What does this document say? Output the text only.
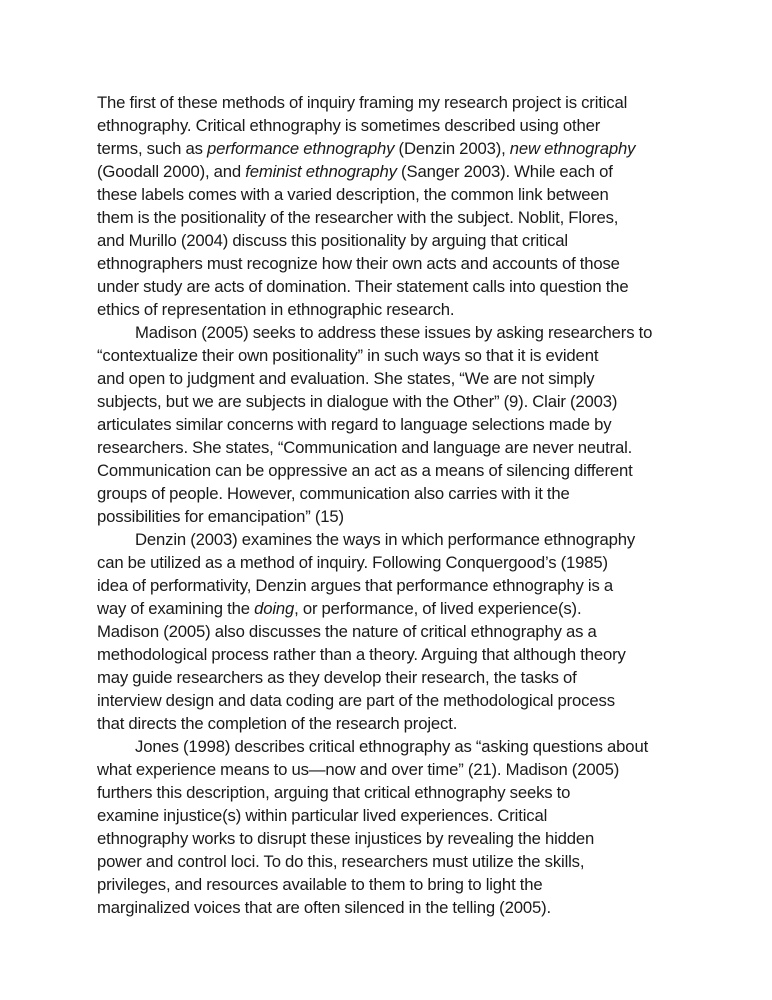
The first of these methods of inquiry framing my research project is critical
ethnography. Critical ethnography is sometimes described using other
terms, such as performance ethnography (Denzin 2003), new ethnography
(Goodall 2000), and feminist ethnography (Sanger 2003). While each of
these labels comes with a varied description, the common link between
them is the positionality of the researcher with the subject. Noblit, Flores,
and Murillo (2004) discuss this positionality by arguing that critical
ethnographers must recognize how their own acts and accounts of those
under study are acts of domination. Their statement calls into question the
ethics of representation in ethnographic research.
Madison (2005) seeks to address these issues by asking researchers to
“contextualize their own positionality” in such ways so that it is evident
and open to judgment and evaluation. She states, “We are not simply
subjects, but we are subjects in dialogue with the Other” (9). Clair (2003)
articulates similar concerns with regard to language selections made by
researchers. She states, “Communication and language are never neutral.
Communication can be oppressive an act as a means of silencing different
groups of people. However, communication also carries with it the
possibilities for emancipation” (15)
Denzin (2003) examines the ways in which performance ethnography
can be utilized as a method of inquiry. Following Conquergood’s (1985)
idea of performativity, Denzin argues that performance ethnography is a
way of examining the doing, or performance, of lived experience(s).
Madison (2005) also discusses the nature of critical ethnography as a
methodological process rather than a theory. Arguing that although theory
may guide researchers as they develop their research, the tasks of
interview design and data coding are part of the methodological process
that directs the completion of the research project.
Jones (1998) describes critical ethnography as “asking questions about
what experience means to us—now and over time” (21). Madison (2005)
furthers this description, arguing that critical ethnography seeks to
examine injustice(s) within particular lived experiences. Critical
ethnography works to disrupt these injustices by revealing the hidden
power and control loci. To do this, researchers must utilize the skills,
privileges, and resources available to them to bring to light the
marginalized voices that are often silenced in the telling (2005).
